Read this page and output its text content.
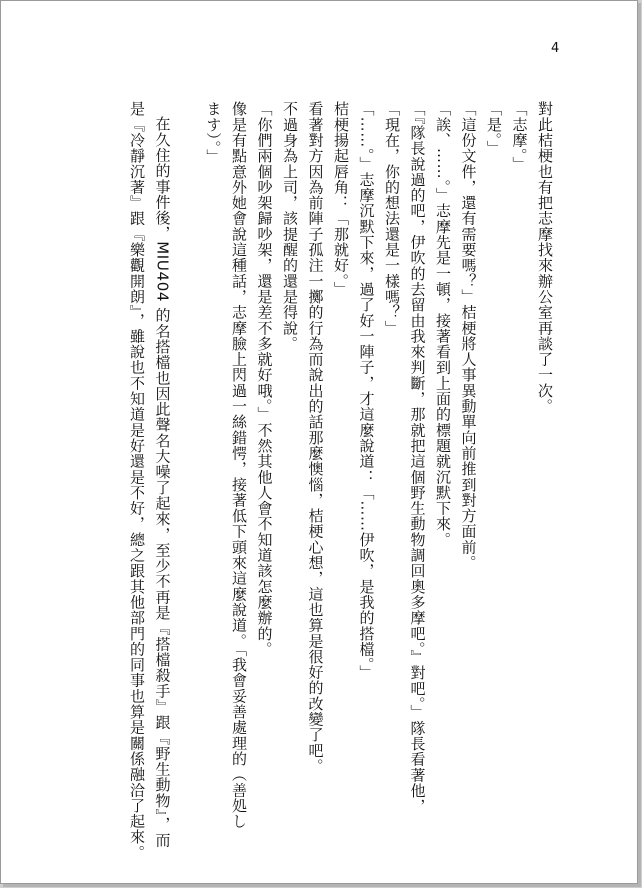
4
對此桔梗也有把志摩找來辦公室再談了一次。
「志摩。」
「是。」
「這份文件，還有需要嗎？」桔梗將人事異動單向前推到對方面前。
「誒、……。」志摩先是一頓，接著看到上面的標題就沉默下來。
「『隊長說過的吧，伊吹的去留由我來判斷，那就把這個野生動物調回奧多摩吧。』對吧。」隊長看著他，
「現在，你的想法還是一樣嗎？」
「……。」志摩沉默下來，過了好一陣子，才這麼說道：「……伊吹，是我的搭檔。」
桔梗揚起唇角：「那就好。」
看著對方因為前陣子孤注一擲的行為而說出的話那麼懊惱，桔梗心想，這也算是很好的改變了吧。
不過身為上司，該提醒的還是得說。
「你們兩個吵架歸吵架，還是差不多就好哦。」不然其他人會不知道該怎麼辦的。
像是有點意外她會說這種話，志摩臉上閃過一絲錯愕，接著低下頭來這麼說道。「我會妥善處理的（善処し
ます）。」

在久住的事件後，MIU404 的名搭檔也因此聲名大噪了起來，至少不再是『搭檔殺手』跟『野生動物』，而
是『冷靜沉著』跟『樂觀開朗』，雖說也不知道是好還是不好，總之跟其他部門的同事也算是關係融洽了起來。
